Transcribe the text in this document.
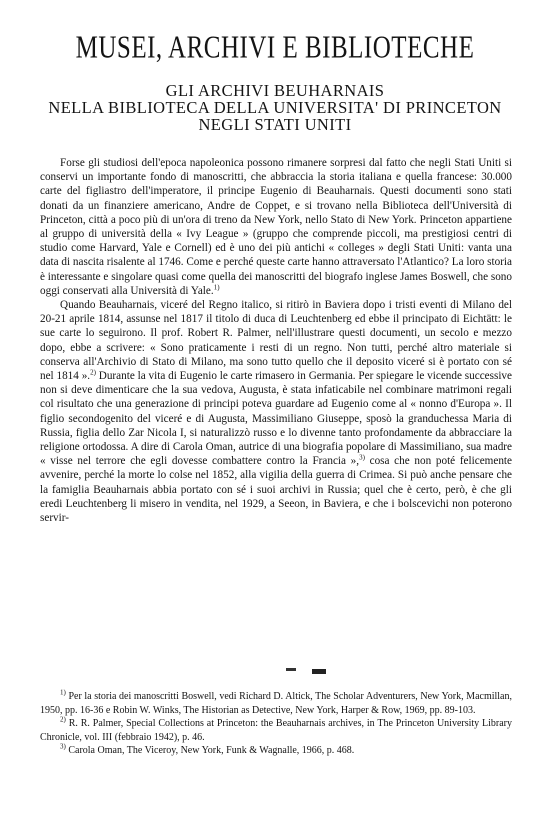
MUSEI, ARCHIVI E BIBLIOTECHE
GLI ARCHIVI BEUHARNAIS
NELLA BIBLIOTECA DELLA UNIVERSITA' DI PRINCETON
NEGLI STATI UNITI

Forse gli studiosi dell'epoca napoleonica possono rimanere sorpresi dal fatto che negli Stati Uniti si conservi un importante fondo di manoscritti, che abbraccia la storia italiana e quella francese: 30.000 carte del figliastro dell'imperatore, il principe Eugenio di Beauharnais. Questi documenti sono stati donati da un finanziere americano, Andre de Coppet, e si trovano nella Biblioteca dell'Università di Princeton, città a poco più di un'ora di treno da New York, nello Stato di New York. Princeton appartiene al gruppo di università della « Ivy League » (gruppo che comprende piccoli, ma prestigiosi centri di studio come Harvard, Yale e Cornell) ed è uno dei più antichi « colleges » degli Stati Uniti: vanta una data di nascita risalente al 1746. Come e perché queste carte hanno attraversato l'Atlantico? La loro storia è interessante e singolare quasi come quella dei manoscritti del biografo inglese James Boswell, che sono oggi conservati alla Università di Yale.$^{1)}$

Quando Beauharnais, viceré del Regno italico, si ritirò in Baviera dopo i tristi eventi di Milano del 20-21 aprile 1814, assunse nel 1817 il titolo di duca di Leuchtenberg ed ebbe il principato di Eichtätt: le sue carte lo seguirono. Il prof. Robert R. Palmer, nell'illustrare questi documenti, un secolo e mezzo dopo, ebbe a scrivere: « Sono praticamente i resti di un regno. Non tutti, perché altro materiale si conserva all'Archivio di Stato di Milano, ma sono tutto quello che il deposito viceré si è portato con sé nel 1814 ».$^{2)}$ Durante la vita di Eugenio le carte rimasero in Germania. Per spiegare le vicende successive non si deve dimenticare che la sua vedova, Augusta, è stata infaticabile nel combinare matrimoni regali col risultato che una generazione di principi poteva guardare ad Eugenio come al « nonno d'Europa ». Il figlio secondogenito del viceré e di Augusta, Massimiliano Giuseppe, sposò la granduchessa Maria di Russia, figlia dello Zar Nicola I, si naturalizzò russo e lo divenne tanto profondamente da abbracciare la religione ortodossa. A dire di Carola Oman, autrice di una biografia popolare di Massimiliano, sua madre « visse nel terrore che egli dovesse combattere contro la Francia »,$^{3)}$ cosa che non poté felicemente avvenire, perché la morte lo colse nel 1852, alla vigilia della guerra di Crimea. Si può anche pensare che la famiglia Beauharnais abbia portato con sé i suoi archivi in Russia; quel che è certo, però, è che gli eredi Leuchtenberg li misero in vendita, nel 1929, a Seeon, in Baviera, e che i bolscevichi non poterono servir-

$^{1)}$ Per la storia dei manoscritti Boswell, vedi Richard D. Altick, The Scholar Adventurers, New York, Macmillan, 1950, pp. 16-36 e Robin W. Winks, The Historian as Detective, New York, Harper & Row, 1969, pp. 89-103.

$^{2)}$ R. R. Palmer, Special Collections at Princeton: the Beauharnais archives, in The Princeton University Library Chronicle, vol. III (febbraio 1942), p. 46.

$^{3)}$ Carola Oman, The Viceroy, New York, Funk & Wagnalle, 1966, p. 468.
